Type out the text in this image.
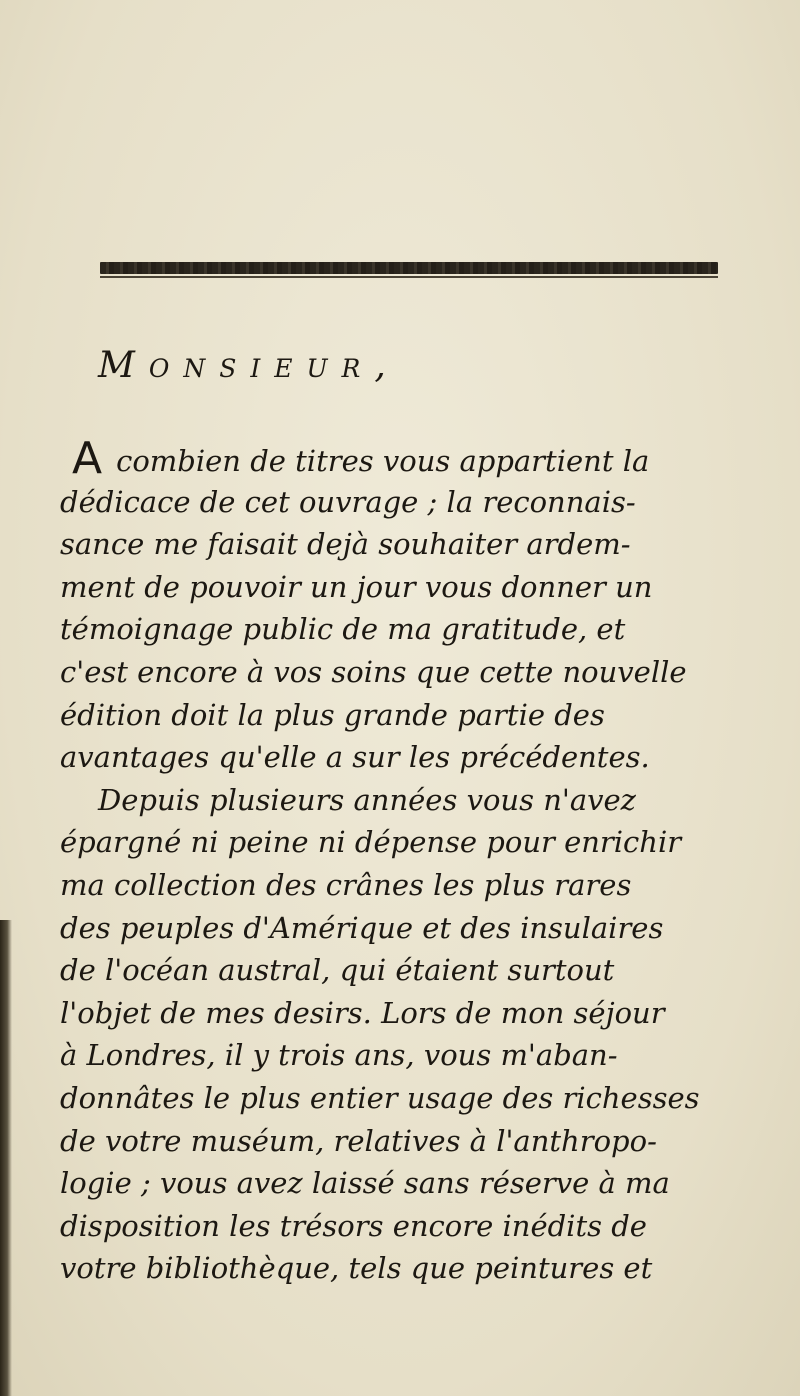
Monsieur,
Acombien de titres vous appartient la
dédicace de cet ouvrage ; la reconnais-
sance me faisait dejà souhaiter ardem-
ment de pouvoir un jour vous donner un
témoignage public de ma gratitude, et
c'est encore à vos soins que cette nouvelle
édition doit la plus grande partie des
avantages qu'elle a sur les précédentes.
Depuis plusieurs années vous n'avez
épargné ni peine ni dépense pour enrichir
ma collection des crânes les plus rares
des peuples d'Amérique et des insulaires
de l'océan austral, qui étaient surtout
l'objet de mes desirs. Lors de mon séjour
à Londres, il y trois ans, vous m'aban-
donnâtes le plus entier usage des richesses
de votre muséum, relatives à l'anthropo-
logie ; vous avez laissé sans réserve à ma
disposition les trésors encore inédits de
votre bibliothèque, tels que peintures et
